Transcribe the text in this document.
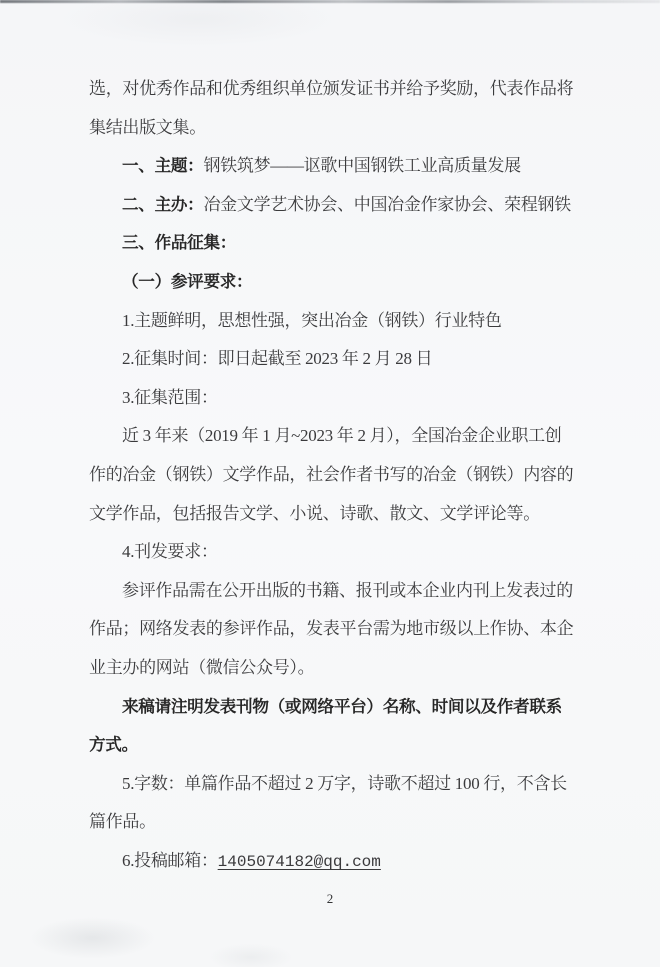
选，对优秀作品和优秀组织单位颁发证书并给予奖励，代表作品将
集结出版文集。
一、主题：钢铁筑梦——讴歌中国钢铁工业高质量发展
二、主办：冶金文学艺术协会、中国冶金作家协会、荣程钢铁
三、作品征集：
（一）参评要求：
1.主题鲜明，思想性强，突出冶金（钢铁）行业特色
2.征集时间：即日起截至 2023 年 2 月 28 日
3.征集范围：
近 3 年来（2019 年 1 月~2023 年 2 月），全国冶金企业职工创
作的冶金（钢铁）文学作品，社会作者书写的冶金（钢铁）内容的
文学作品，包括报告文学、小说、诗歌、散文、文学评论等。
4.刊发要求：
参评作品需在公开出版的书籍、报刊或本企业内刊上发表过的
作品；网络发表的参评作品，发表平台需为地市级以上作协、本企
业主办的网站（微信公众号）。
来稿请注明发表刊物（或网络平台）名称、时间以及作者联系
方式。
5.字数：单篇作品不超过 2 万字，诗歌不超过 100 行，不含长
篇作品。
6.投稿邮箱：1405074182@qq.com
2
